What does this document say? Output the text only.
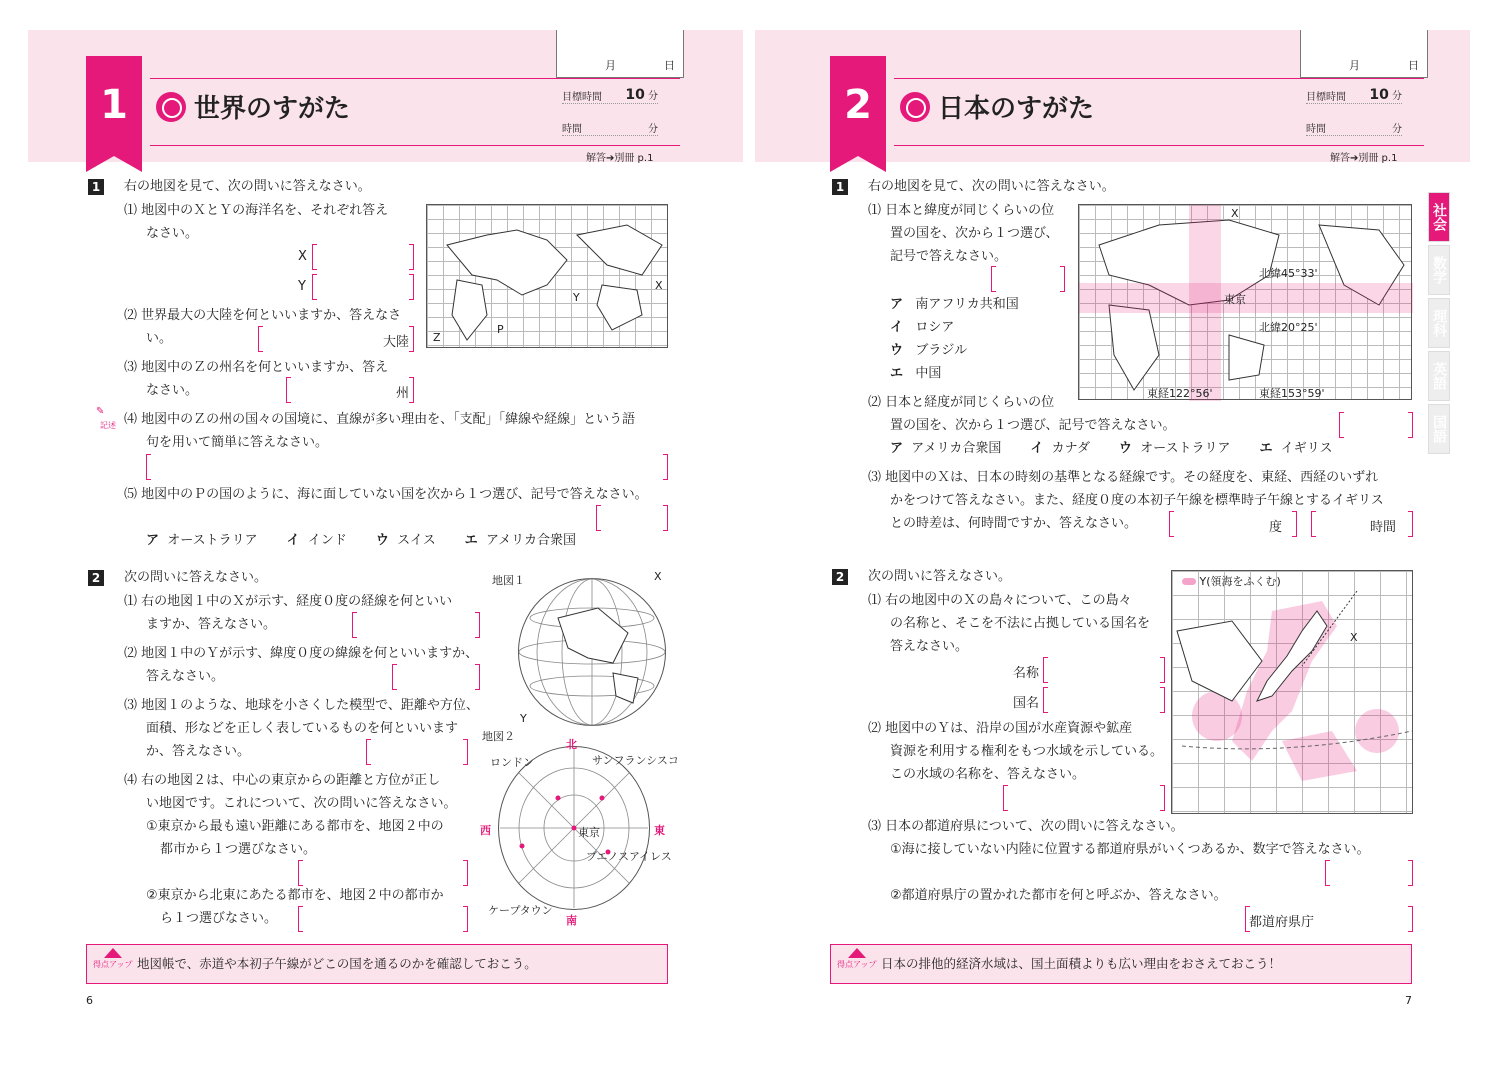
1	世界のすがた
月	日
目標時間 10 分
時間	分
解答➔別冊 p.1
1 右の地図を見て、次の問いに答えなさい。
⑴ 地図中のＸとＹの海洋名を、それぞれ答え
なさい。
X
Y
⑵ 世界最大の大陸を何といいますか、答えなさ
い。	大陸
⑶ 地図中のＺの州名を何といいますか、答え
なさい。	州
✎
記述 ⑷ 地図中のＺの州の国々の国境に、直線が多い理由を、「支配」「緯線や経線」という語
句を用いて簡単に答えなさい。
⑸ 地図中のＰの国のように、海に面していない国を次から１つ選び、記号で答えなさい。
ア オーストラリア イ インド ウ スイス エ アメリカ合衆国
Z
P
Y
X
2 次の問いに答えなさい。
⑴ 右の地図１中のＸが示す、経度０度の経線を何といい
ますか、答えなさい。
⑵ 地図１中のＹが示す、緯度０度の緯線を何といいますか、
答えなさい。
⑶ 地図１のような、地球を小さくした模型で、距離や方位、
面積、形などを正しく表しているものを何といいます
か、答えなさい。
⑷ 右の地図２は、中心の東京からの距離と方位が正し
い地図です。これについて、次の問いに答えなさい。
①東京から最も遠い距離にある都市を、地図２中の
都市から１つ選びなさい。
②東京から北東にあたる都市を、地図２中の都市か
ら１つ選びなさい。
地図１	X
Y
地図２
北
南
東
西
ロンドン	サンフランシスコ
東京
ブエノスアイレス
ケープタウン
得点アップ 地図帳で、赤道や本初子午線がどこの国を通るのかを確認しておこう。
6
2	日本のすがた
月	日
目標時間 10 分
時間	分
解答➔別冊 p.1
1 右の地図を見て、次の問いに答えなさい。
⑴ 日本と緯度が同じくらいの位
置の国を、次から１つ選び、
記号で答えなさい。
ア 南アフリカ共和国
イ ロシア
ウ ブラジル
エ 中国
X
北緯45°33'
北緯20°25'
東京
東経122°56'	東経153°59'
⑵ 日本と経度が同じくらいの位
置の国を、次から１つ選び、記号で答えなさい。
ア アメリカ合衆国 イ カナダ ウ オーストラリア エ イギリス
⑶ 地図中のＸは、日本の時刻の基準となる経線です。その経度を、東経、西経のいずれ
かをつけて答えなさい。また、経度０度の本初子午線を標準時子午線とするイギリス
との時差は、何時間ですか、答えなさい。	度	時間
2 次の問いに答えなさい。
⑴ 右の地図中のＸの島々について、この島々
の名称と、そこを不法に占拠している国名を
答えなさい。
名称
国名
⑵ 地図中のＹは、沿岸の国が水産資源や鉱産
資源を利用する権利をもつ水域を示している。
この水域の名称を、答えなさい。
Y(領海をふくむ)
X
⑶ 日本の都道府県について、次の問いに答えなさい。
①海に接していない内陸に位置する都道府県がいくつあるか、数字で答えなさい。
②都道府県庁の置かれた都市を何と呼ぶか、答えなさい。
都道府県庁
得点アップ 日本の排他的経済水域は、国土面積よりも広い理由をおさえておこう！
7
社会
数学
理科
英語
国語
